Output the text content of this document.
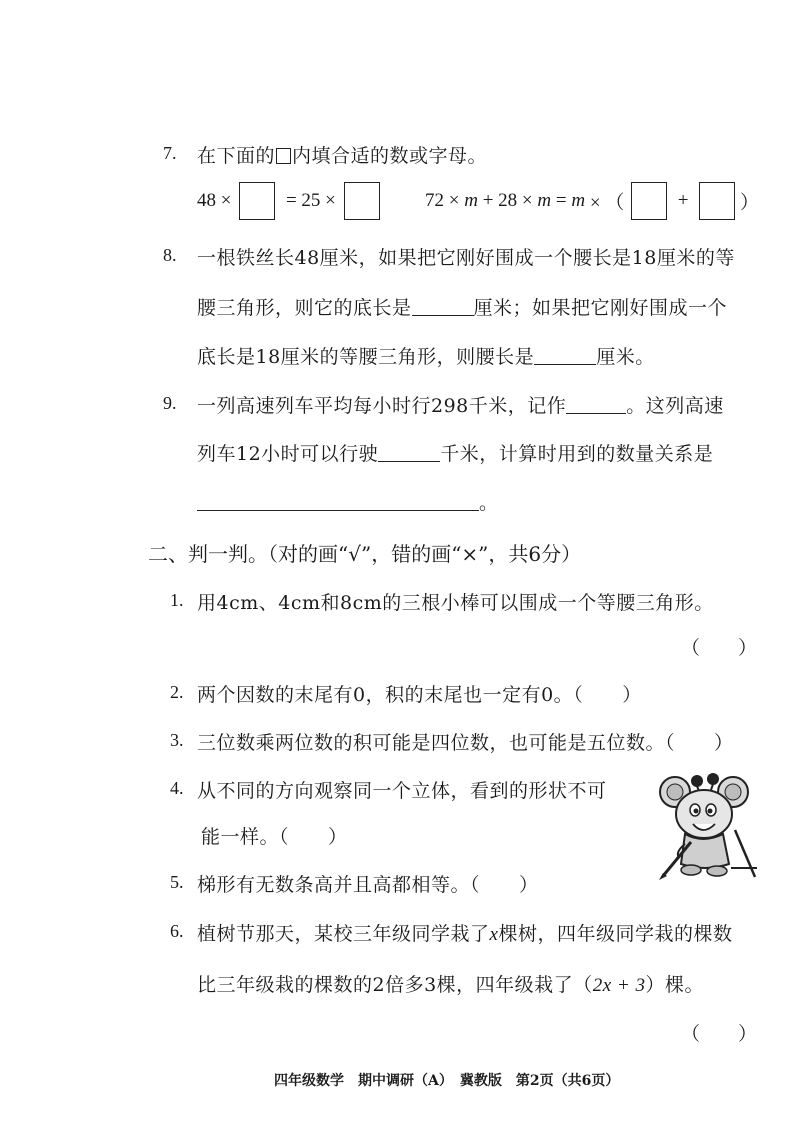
7. 在下面的 内填合适的数或字母。
48 ×	= 25 ×	72 × m + 28 × m = m × （	+	）
8. 一根铁丝长48厘米，如果把它刚好围成一个腰长是18厘米的等
腰三角形，则它的底长是	厘米；如果把它刚好围成一个
底长是18厘米的等腰三角形，则腰长是	厘米。
9. 一列高速列车平均每小时行298千米，记作	。这列高速
列车12小时可以行驶	千米，计算时用到的数量关系是
。
二、判一判。（对的画“√”，错的画“×”，共6分）
1. 用4cm、4cm和8cm的三根小棒可以围成一个等腰三角形。
（　　）
2. 两个因数的末尾有0，积的末尾也一定有0。（　　）
3. 三位数乘两位数的积可能是四位数，也可能是五位数。（　　）
4. 从不同的方向观察同一个立体，看到的形状不可
能一样。（　　）
5. 梯形有无数条高并且高都相等。（　　）
6. 植树节那天，某校三年级同学栽了x棵树，四年级同学栽的棵数
比三年级栽的棵数的2倍多3棵，四年级栽了（2x + 3）棵。
（　　）
四年级数学　期中调研（A）　冀教版　第2页（共6页）
